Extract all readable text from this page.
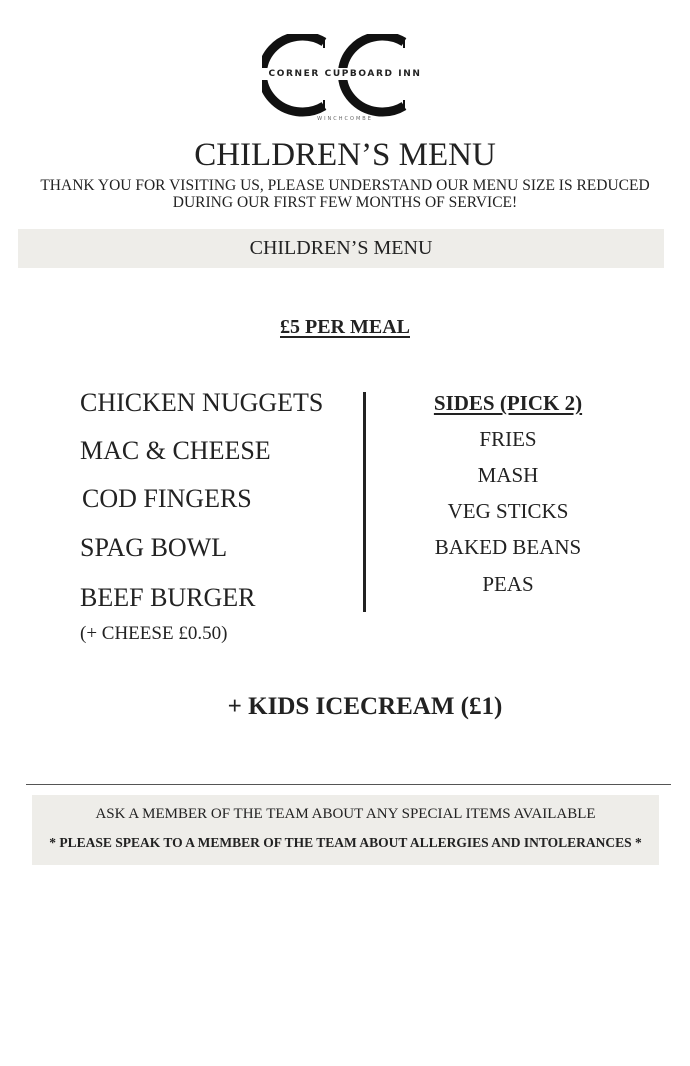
CORNER CUPBOARD INN
WINCHCOMBE
CHILDREN’S MENU
THANK YOU FOR VISITING US, PLEASE UNDERSTAND OUR MENU SIZE IS REDUCED DURING OUR FIRST FEW MONTHS OF SERVICE!
CHILDREN’S MENU
£5 PER MEAL
CHICKEN NUGGETS
MAC & CHEESE
COD FINGERS
SPAG BOWL
BEEF BURGER
(+ CHEESE £0.50)
SIDES (PICK 2)
FRIES
MASH
VEG STICKS
BAKED BEANS
PEAS
+ KIDS ICECREAM (£1)
ASK A MEMBER OF THE TEAM ABOUT ANY SPECIAL ITEMS AVAILABLE
* PLEASE SPEAK TO A MEMBER OF THE TEAM ABOUT ALLERGIES AND INTOLERANCES *
